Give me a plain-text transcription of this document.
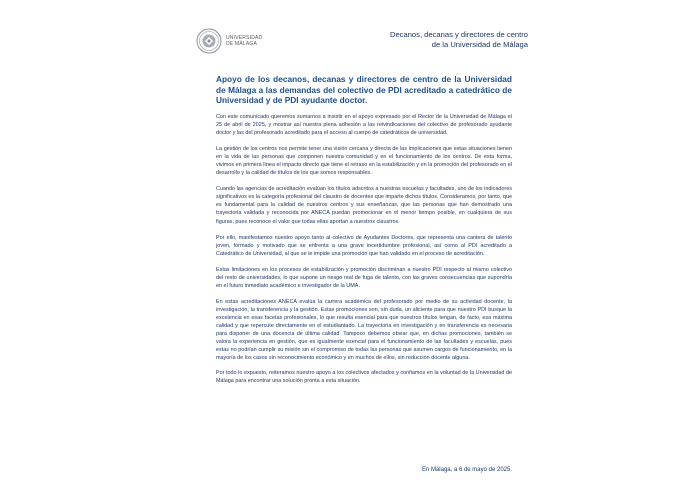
UNIVERSIDAD
DE MÁLAGA
Decanos, decanas y directores de centro
de la Universidad de Málaga
Apoyo de los decanos, decanas y directores de centro de la Universidad de Málaga a las demandas del colectivo de PDI acreditado a catedrático de Universidad y de PDI ayudante doctor.

Con este comunicado queremos sumarnos a insistir en el apoyo expresado por el Rector de la Universidad de Málaga el 25 de abril de 2025, y mostrar así nuestra plena adhesión a las reivindicaciones del colectivo de profesorado ayudante doctor y las del profesorado acreditado para el acceso al cuerpo de catedráticos de universidad.

La gestión de los centros nos permite tener una visión cercana y directa de las implicaciones que estas situaciones tienen en la vida de las personas que componen nuestra comunidad y en el funcionamiento de los centros. De esta forma, vivimos en primera línea el impacto directo que tiene el retraso en la estabilización y en la promoción del profesorado en el desarrollo y la calidad de títulos de los que somos responsables.

Cuando las agencias de acreditación evalúan los títulos adscritos a nuestras escuelas y facultades, uno de los indicadores significativos es la categoría profesional del claustro de docentes que imparte dichos títulos. Consideramos, por tanto, que es fundamental para la calidad de nuestros centros y sus enseñanzas, que las personas que han demostrado una trayectoria validada y reconocida por ANECA puedan promocionar en el menor tiempo posible, en cualquiera de sus figuras, pues reconoce el valor que todas ellas aportan a nuestros claustros.

Por ello, manifestamos nuestro apoyo tanto al colectivo de Ayudantes Doctores, que representa una cantera de talento joven, formado y motivado que se enfrenta a una grave incertidumbre profesional, así como al PDI acreditado a Catedrático de Universidad, al que se le impide una promoción que han validado en el proceso de acreditación.

Estas limitaciones en los procesos de estabilización y promoción discriminan a nuestro PDI respecto al mismo colectivo del resto de universidades, lo que supone un riesgo real de fuga de talento, con las graves consecuencias que supondría en el futuro inmediato académico e investigador de la UMA.

En estas acreditaciones ANECA evalúa la carrera académica del profesorado por medio de su actividad docente, la investigación, la transferencia y la gestión. Estas promociones son, sin duda, un aliciente para que nuestro PDI busque la excelencia en esas facetas profesionales, lo que resulta esencial para que nuestros títulos tengan, de facto, esa máxima calidad y que repercute directamente en el estudiantado. La trayectoria en investigación y en transferencia es necesaria para disponer de una docencia de última calidad. Tampoco debemos obviar que, en dichas promociones, también se valora la experiencia en gestión, que es igualmente esencial para el funcionamiento de las facultades y escuelas, pues estas no podrían cumplir su misión sin el compromiso de todas las personas que asumen cargos de funcionamiento, en la mayoría de los casos sin reconocimiento económico y en muchos de ellos, sin reducción docente alguna.

Por todo lo expuesto, reiteramos nuestro apoyo a los colectivos afectados y confiamos en la voluntad de la Universidad de Málaga para encontrar una solución pronta a esta situación.

En Málaga, a 6 de mayo de 2025.
